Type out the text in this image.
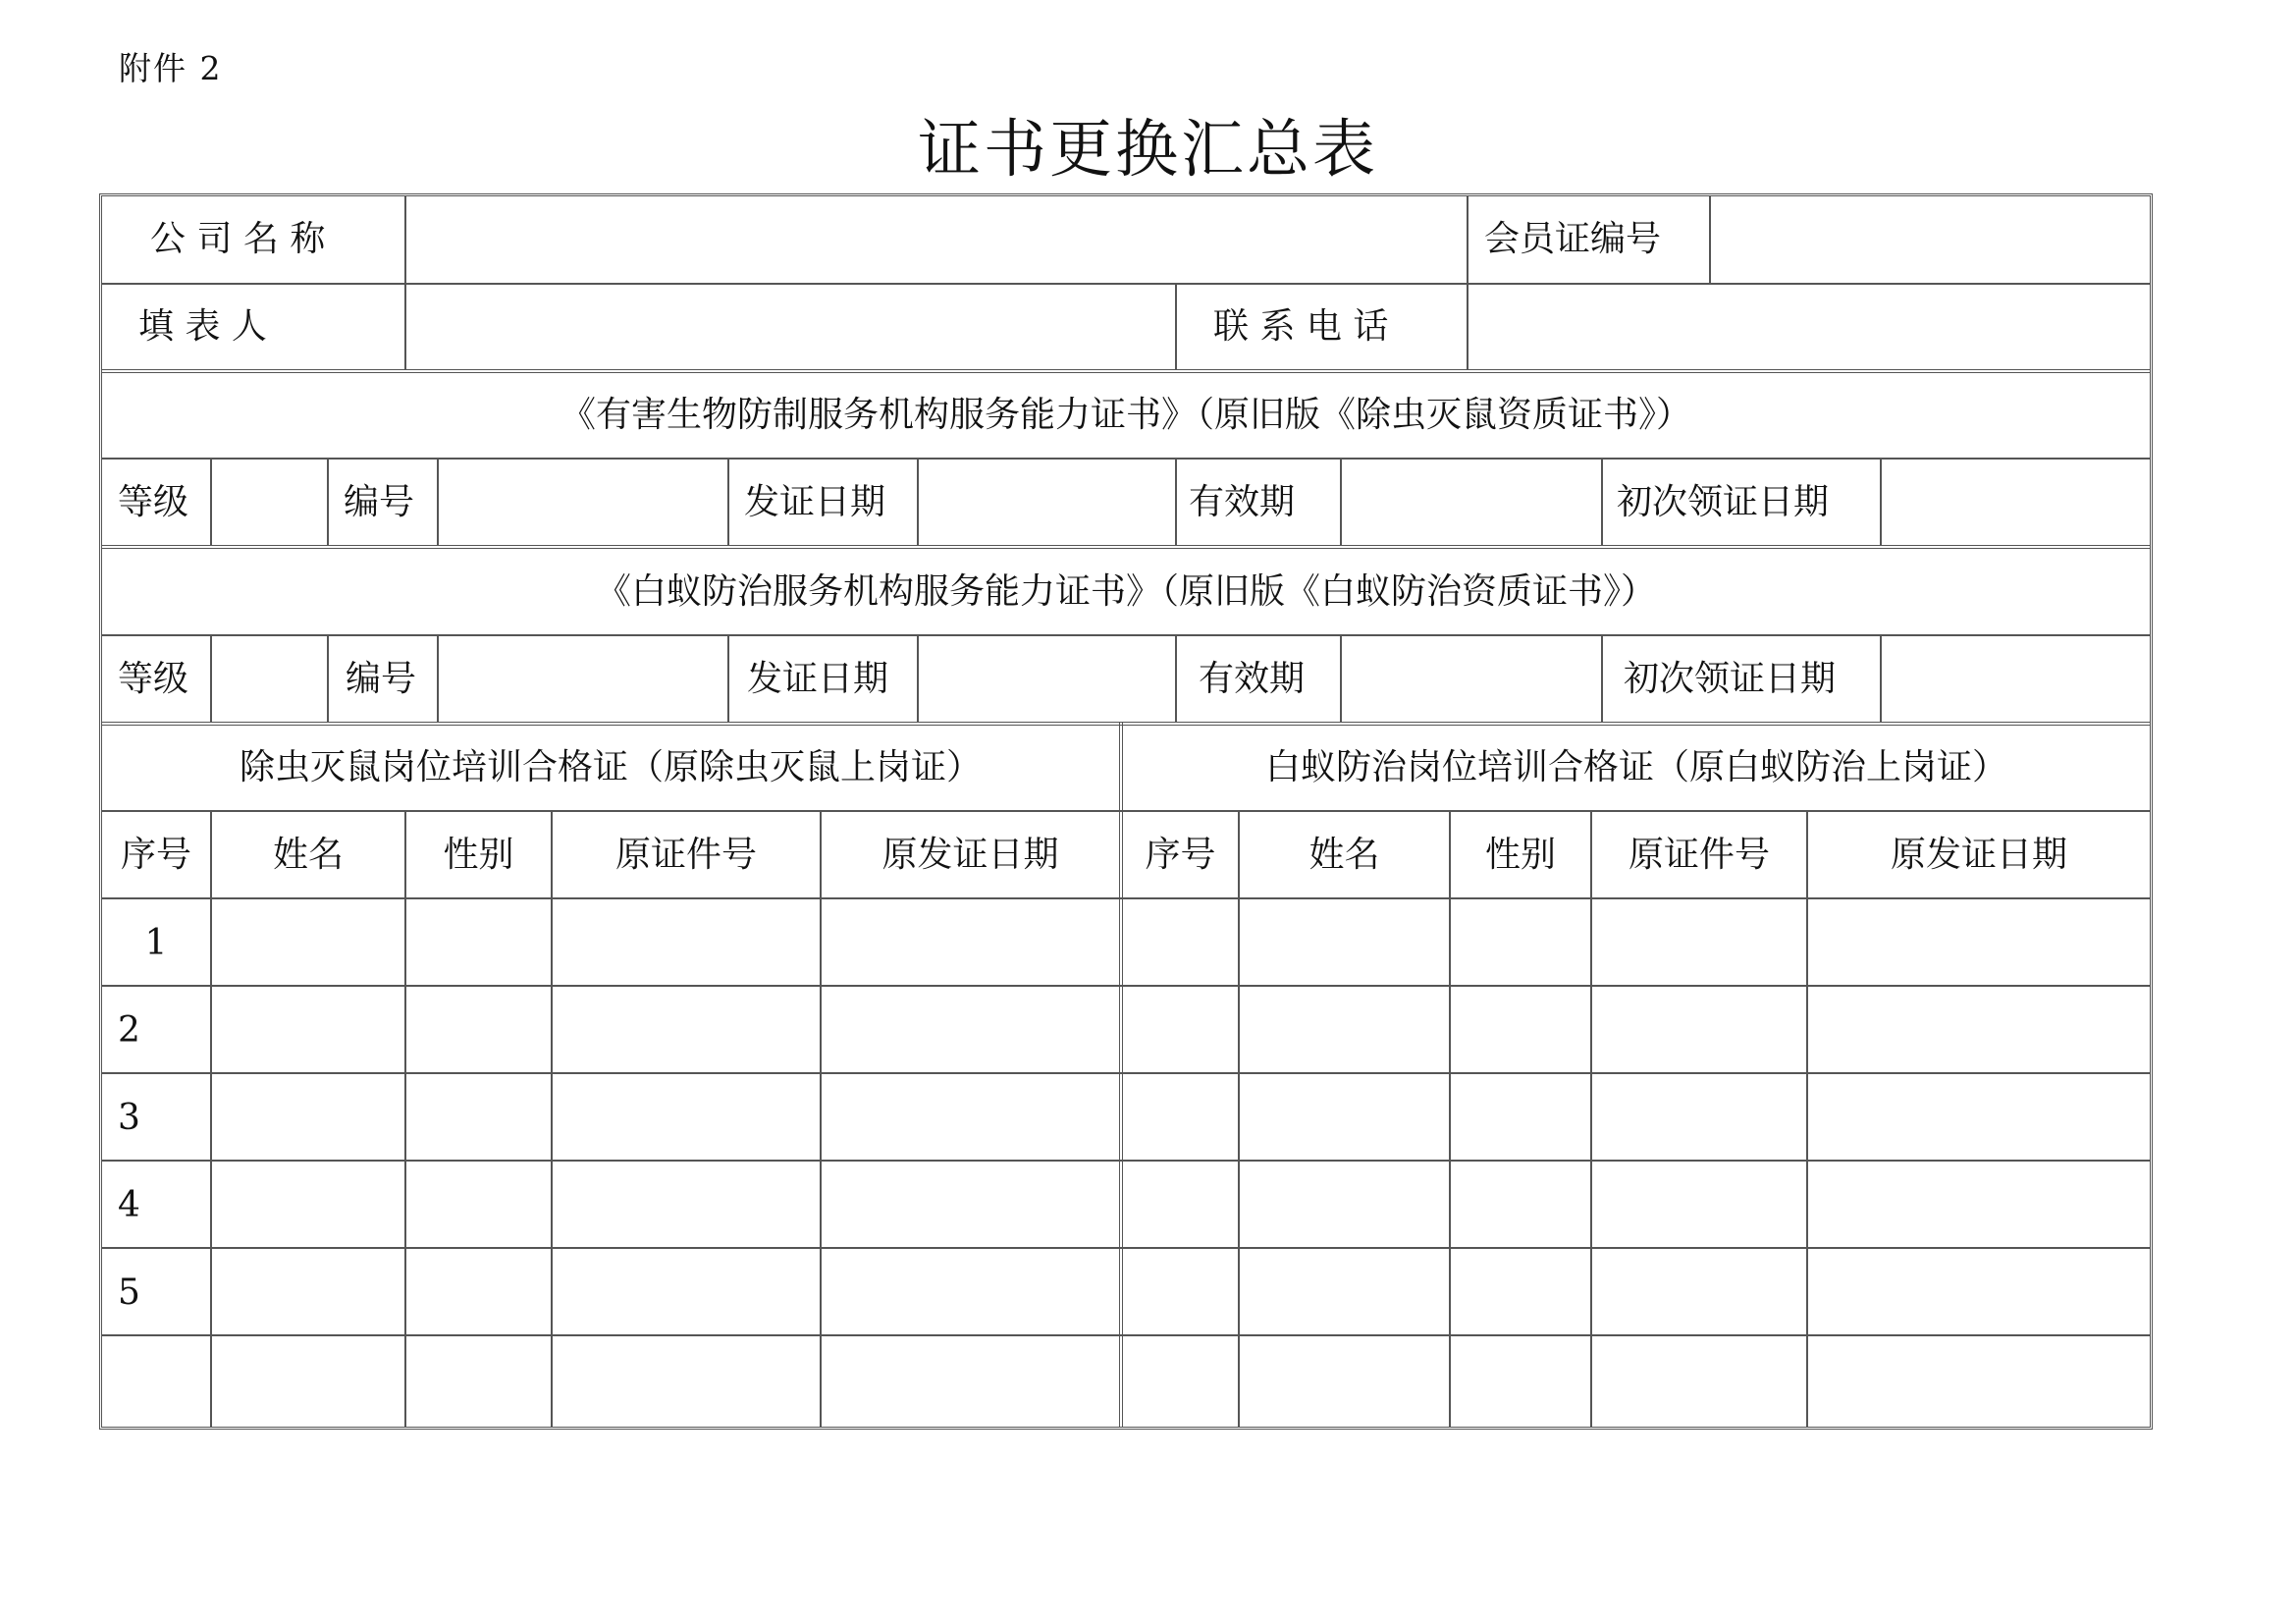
附件 2
证书更换汇总表
公 司 名 称	会员证编号
填 表 人	联 系 电 话
《有害生物防制服务机构服务能力证书》（原旧版《除虫灭鼠资质证书》）
等级	编号	发证日期	有效期	初次领证日期
《白蚁防治服务机构服务能力证书》（原旧版《白蚁防治资质证书》）
等级	编号	发证日期	有效期	初次领证日期
除虫灭鼠岗位培训合格证（原除虫灭鼠上岗证）	白蚁防治岗位培训合格证（原白蚁防治上岗证）
序号	姓名	性别	原证件号	原发证日期	序号	姓名	性别	原证件号	原发证日期
1
2
3
4
5
